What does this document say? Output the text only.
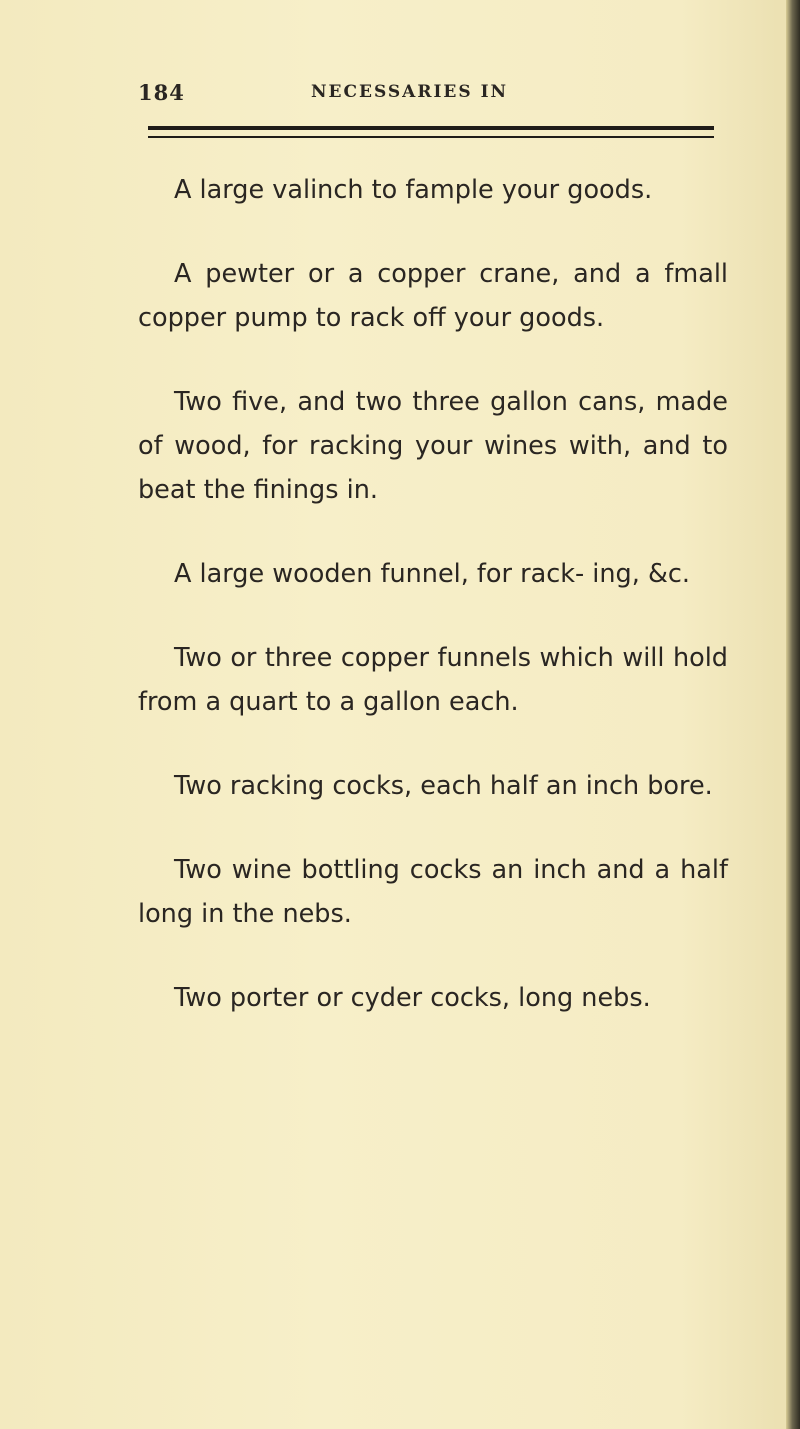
184	NECESSARIES IN

A large valinch to fample your goods.

A pewter or a copper crane, and a fmall copper pump to rack off your goods.

Two five, and two three gallon cans, made of wood, for racking your wines with, and to beat the finings in.

A large wooden funnel, for rack- ing, &c.

Two or three copper funnels which will hold from a quart to a gallon each.

Two racking cocks, each half an inch bore.

Two wine bottling cocks an inch and a half long in the nebs.

Two porter or cyder cocks, long nebs.
